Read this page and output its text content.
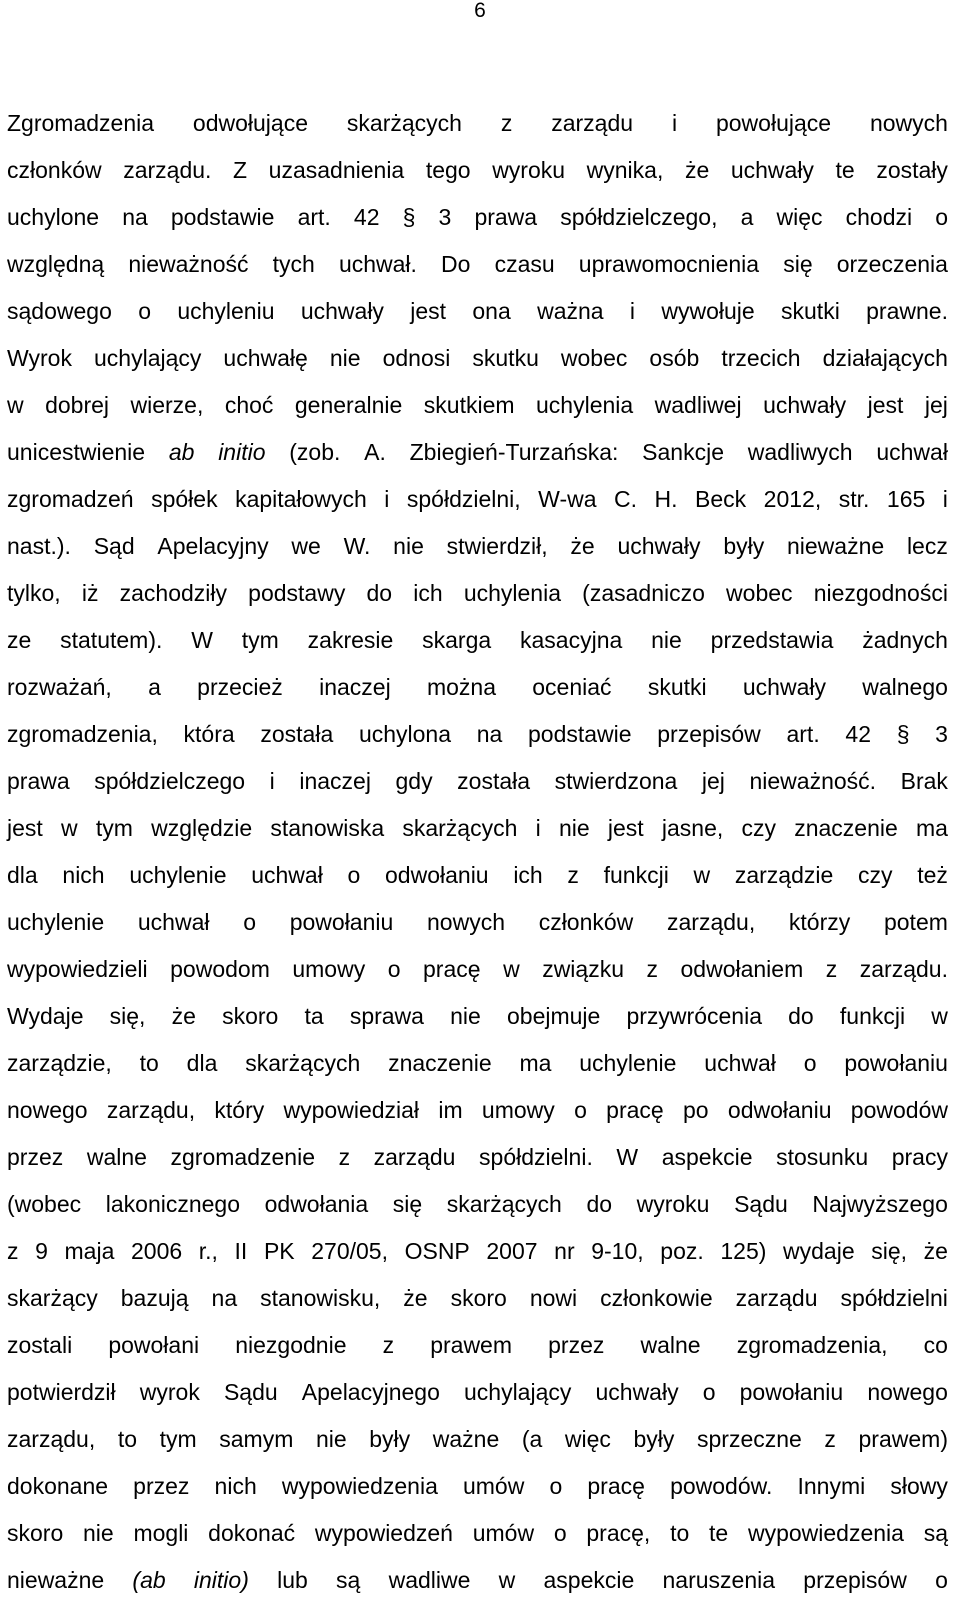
6
Zgromadzenia odwołujące skarżących z zarządu i powołujące nowych
członków zarządu. Z uzasadnienia tego wyroku wynika, że uchwały te zostały
uchylone na podstawie art. 42 § 3 prawa spółdzielczego, a więc chodzi o
względną nieważność tych uchwał. Do czasu uprawomocnienia się orzeczenia
sądowego o uchyleniu uchwały jest ona ważna i wywołuje skutki prawne.
Wyrok uchylający uchwałę nie odnosi skutku wobec osób trzecich działających
w dobrej wierze, choć generalnie skutkiem uchylenia wadliwej uchwały jest jej
unicestwienie ab initio (zob. A. Zbiegień-Turzańska: Sankcje wadliwych uchwał
zgromadzeń spółek kapitałowych i spółdzielni, W-wa C. H. Beck 2012, str. 165 i
nast.). Sąd Apelacyjny we W. nie stwierdził, że uchwały były nieważne lecz
tylko, iż zachodziły podstawy do ich uchylenia (zasadniczo wobec niezgodności
ze statutem). W tym zakresie skarga kasacyjna nie przedstawia żadnych
rozważań, a przecież inaczej można oceniać skutki uchwały walnego
zgromadzenia, która została uchylona na podstawie przepisów art. 42 § 3
prawa spółdzielczego i inaczej gdy została stwierdzona jej nieważność. Brak
jest w tym względzie stanowiska skarżących i nie jest jasne, czy znaczenie ma
dla nich uchylenie uchwał o odwołaniu ich z funkcji w zarządzie czy też
uchylenie uchwał o powołaniu nowych członków zarządu, którzy potem
wypowiedzieli powodom umowy o pracę w związku z odwołaniem z zarządu.
Wydaje się, że skoro ta sprawa nie obejmuje przywrócenia do funkcji w
zarządzie, to dla skarżących znaczenie ma uchylenie uchwał o powołaniu
nowego zarządu, który wypowiedział im umowy o pracę po odwołaniu powodów
przez walne zgromadzenie z zarządu spółdzielni. W aspekcie stosunku pracy
(wobec lakonicznego odwołania się skarżących do wyroku Sądu Najwyższego
z 9 maja 2006 r., II PK 270/05, OSNP 2007 nr 9-10, poz. 125) wydaje się, że
skarżący bazują na stanowisku, że skoro nowi członkowie zarządu spółdzielni
zostali powołani niezgodnie z prawem przez walne zgromadzenia, co
potwierdził wyrok Sądu Apelacyjnego uchylający uchwały o powołaniu nowego
zarządu, to tym samym nie były ważne (a więc były sprzeczne z prawem)
dokonane przez nich wypowiedzenia umów o pracę powodów. Innymi słowy
skoro nie mogli dokonać wypowiedzeń umów o pracę, to te wypowiedzenia są
nieważne (ab initio) lub są wadliwe w aspekcie naruszenia przepisów o
